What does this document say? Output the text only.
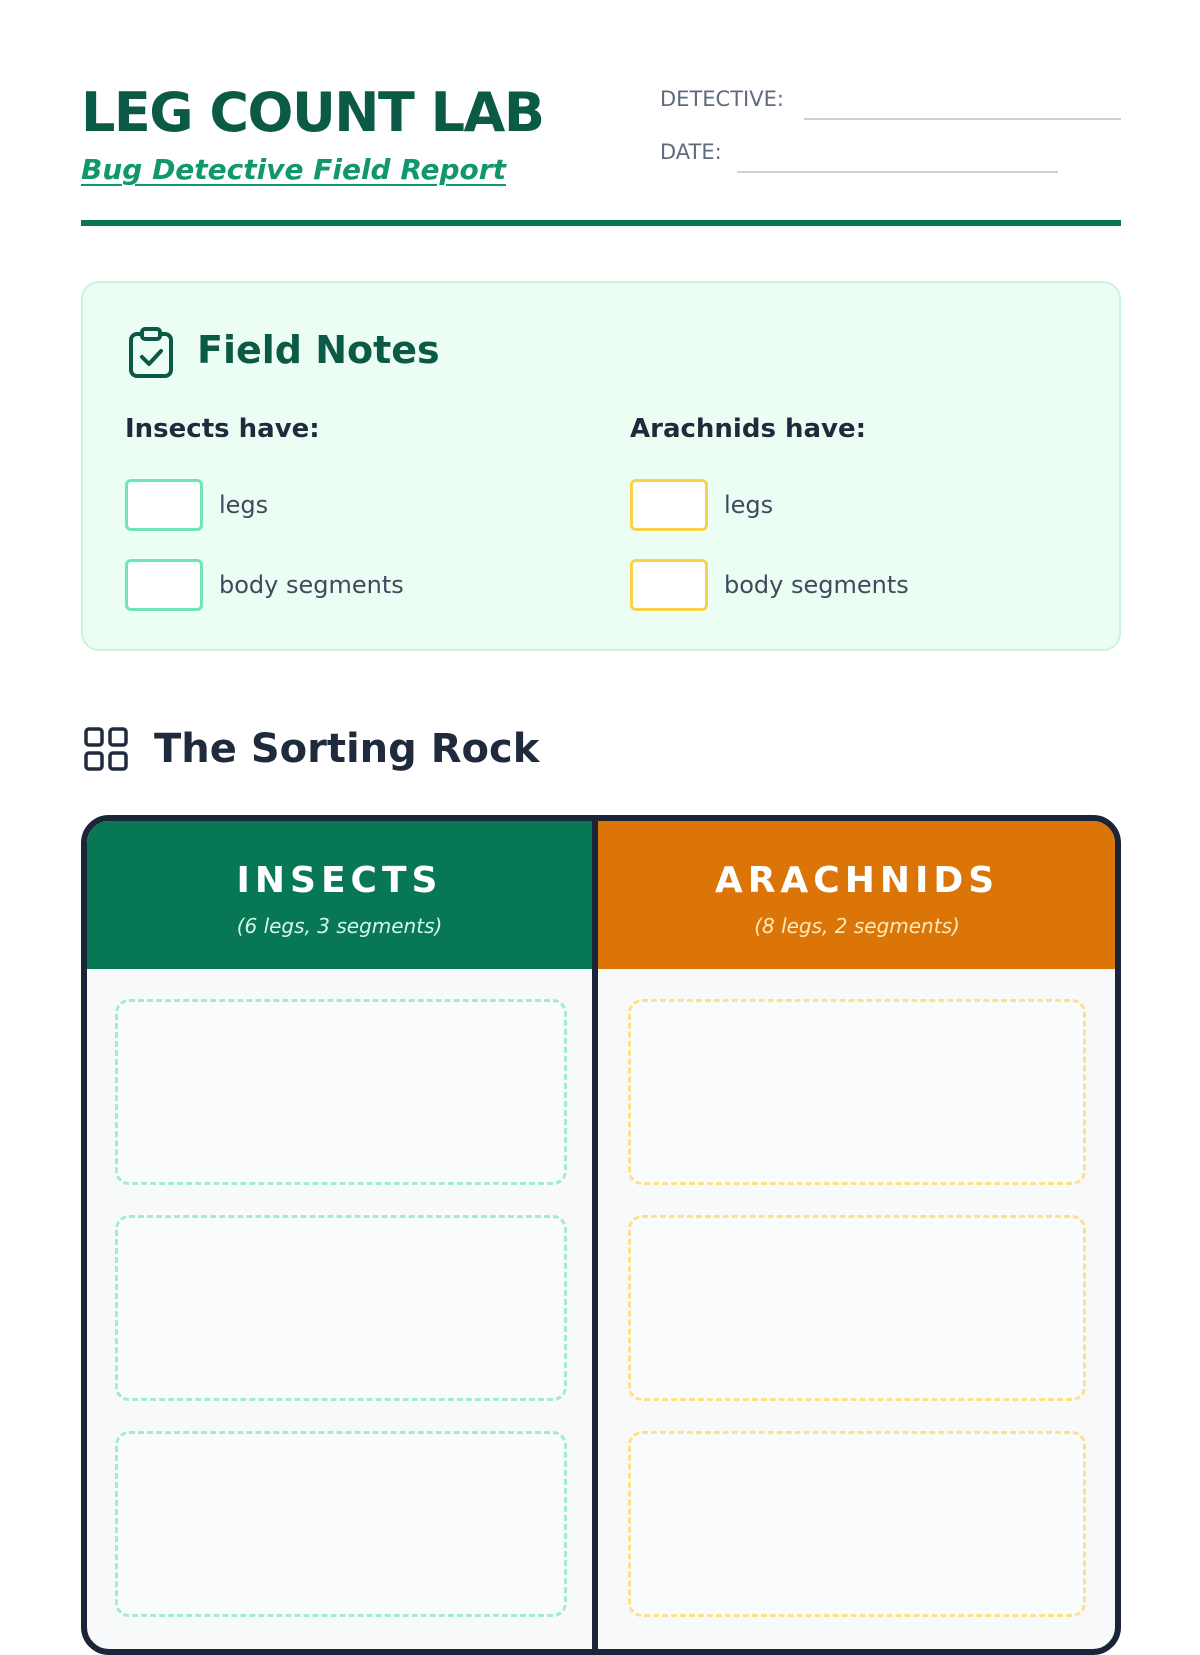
LEG COUNT LAB
Bug Detective Field Report
DETECTIVE:
DATE:
Field Notes
Insects have:
legs
body segments
Arachnids have:
legs
body segments
The Sorting Rock
INSECTS
(6 legs, 3 segments)
ARACHNIDS
(8 legs, 2 segments)
